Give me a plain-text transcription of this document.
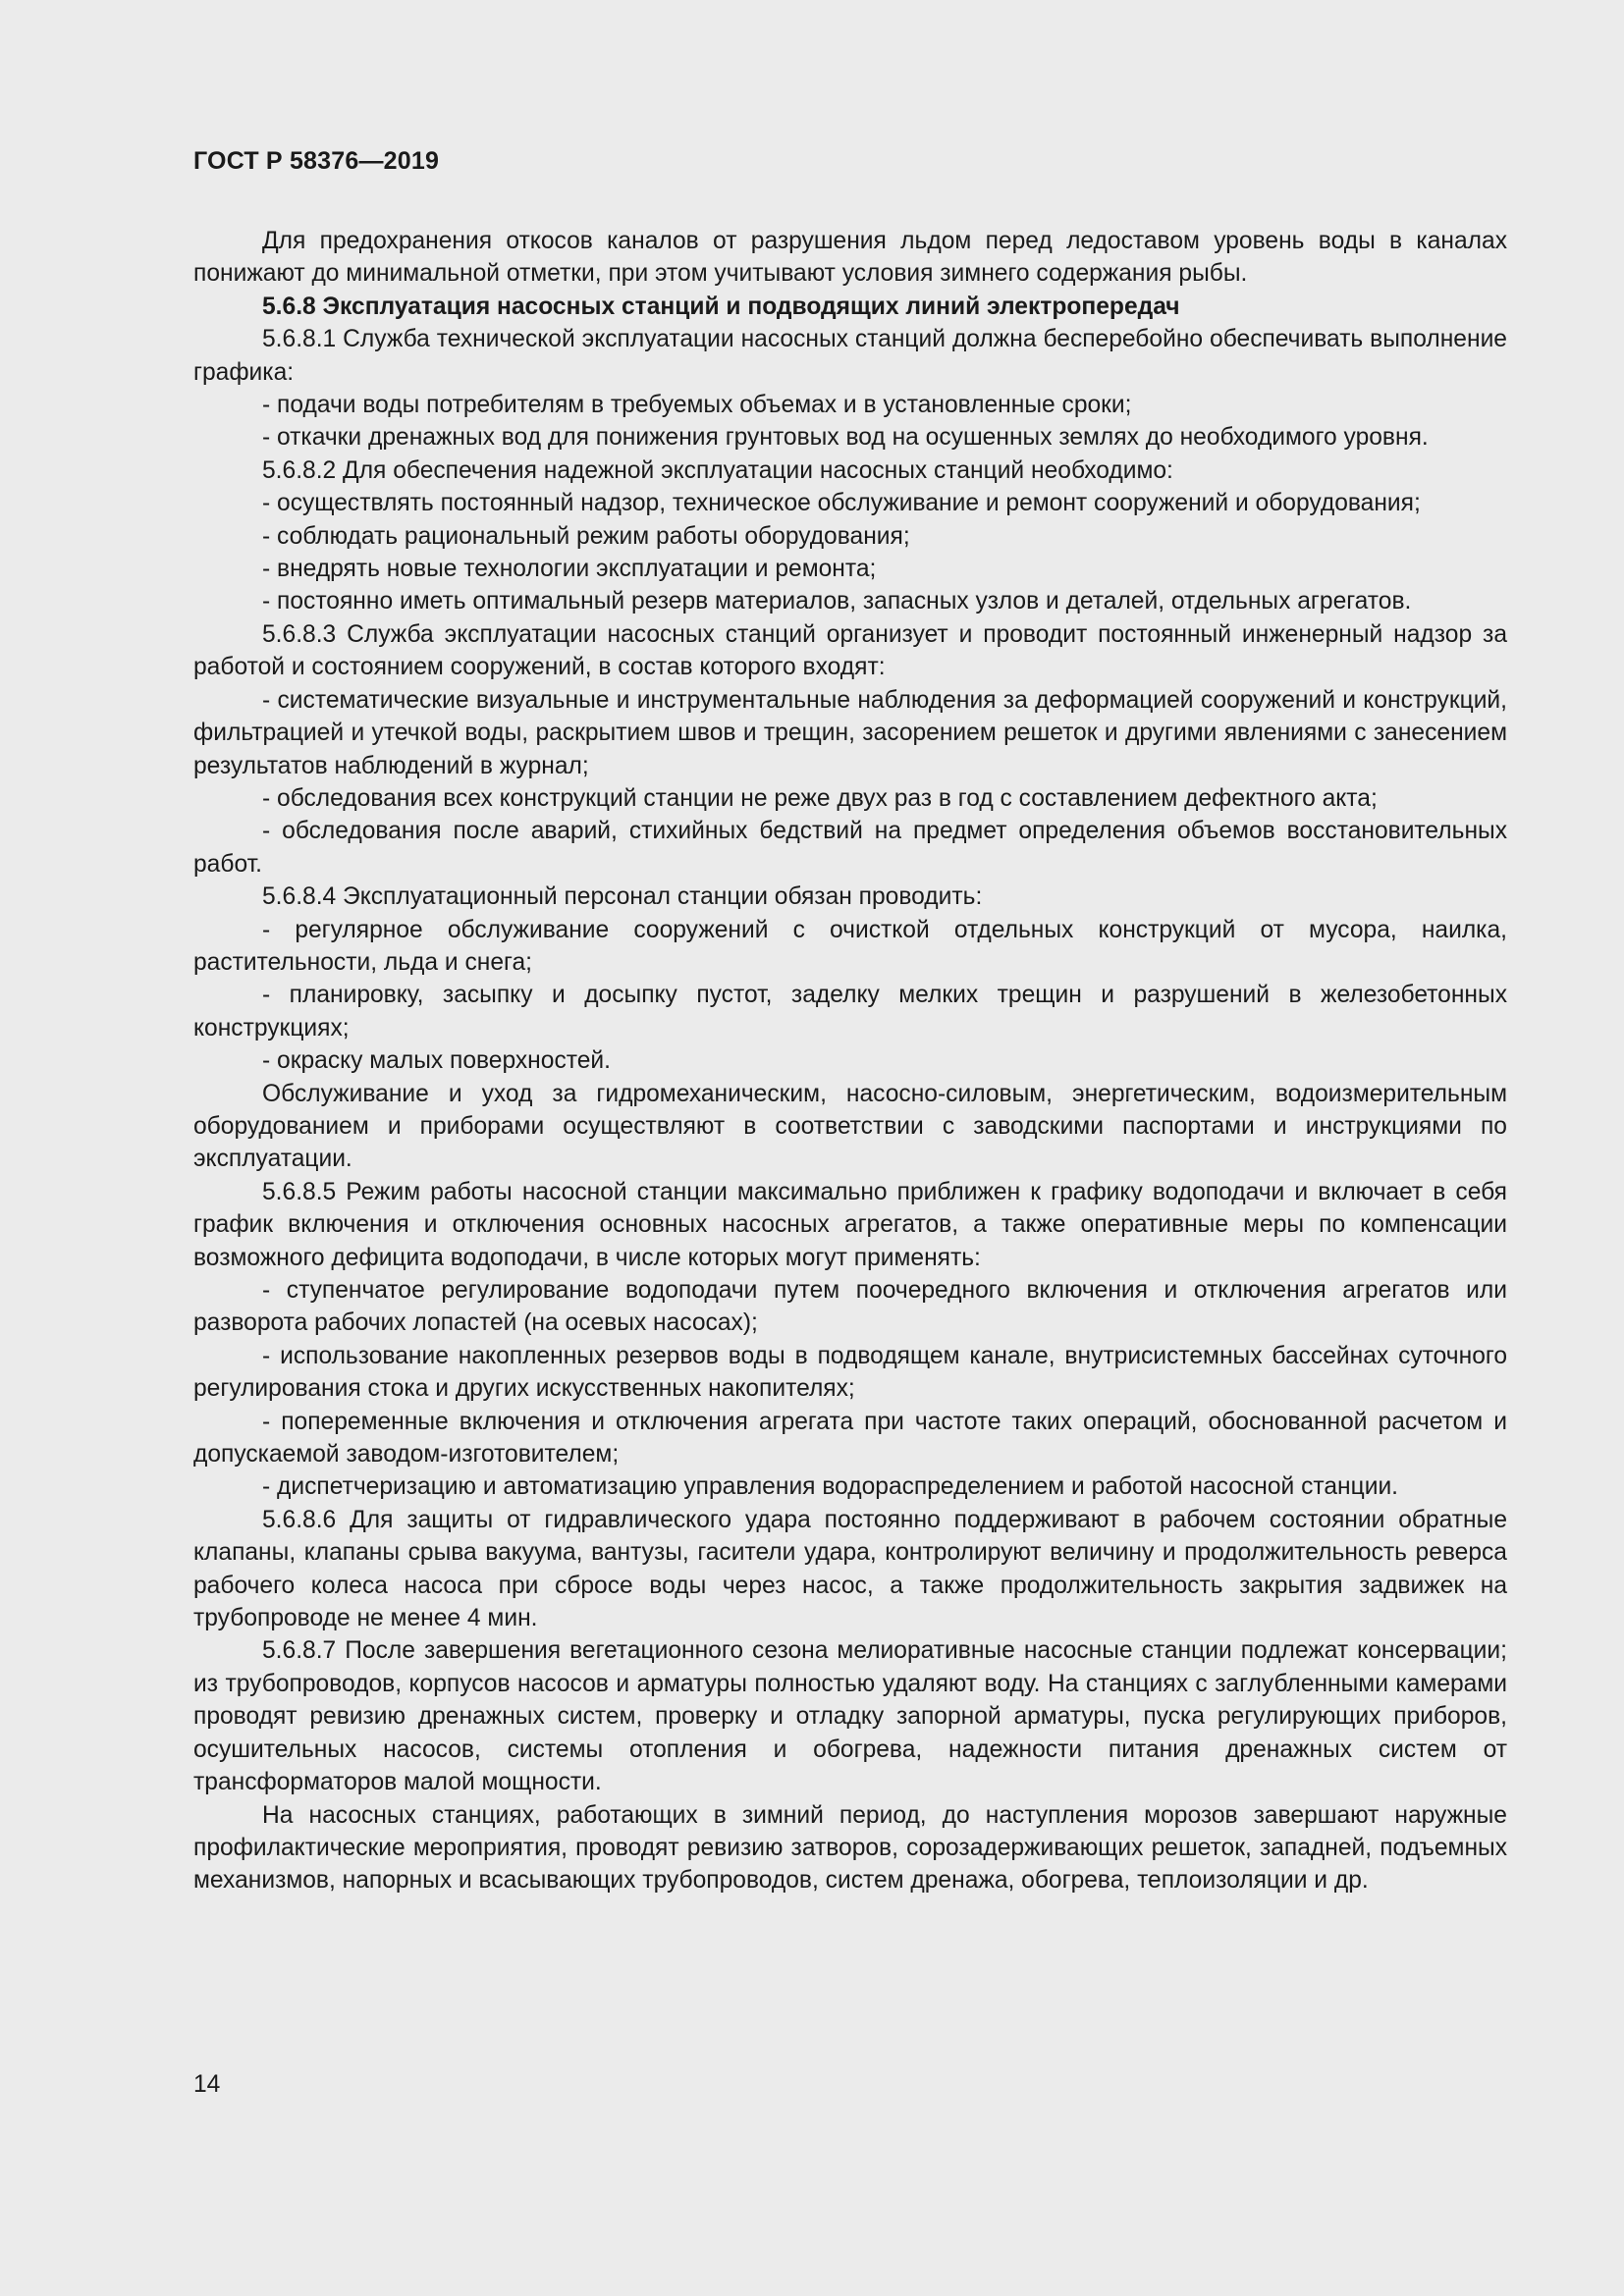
ГОСТ Р 58376—2019

Для предохранения откосов каналов от разрушения льдом перед ледоставом уровень воды в каналах понижают до минимальной отметки, при этом учитывают условия зимнего содержания рыбы.

5.6.8 Эксплуатация насосных станций и подводящих линий электропередач

5.6.8.1 Служба технической эксплуатации насосных станций должна бесперебойно обеспечивать выполнение графика:

- подачи воды потребителям в требуемых объемах и в установленные сроки;

- откачки дренажных вод для понижения грунтовых вод на осушенных землях до необходимого уровня.

5.6.8.2 Для обеспечения надежной эксплуатации насосных станций необходимо:

- осуществлять постоянный надзор, техническое обслуживание и ремонт сооружений и оборудования;

- соблюдать рациональный режим работы оборудования;

- внедрять новые технологии эксплуатации и ремонта;

- постоянно иметь оптимальный резерв материалов, запасных узлов и деталей, отдельных агрегатов.

5.6.8.3 Служба эксплуатации насосных станций организует и проводит постоянный инженерный надзор за работой и состоянием сооружений, в состав которого входят:

- систематические визуальные и инструментальные наблюдения за деформацией сооружений и конструкций, фильтрацией и утечкой воды, раскрытием швов и трещин, засорением решеток и другими явлениями с занесением результатов наблюдений в журнал;

- обследования всех конструкций станции не реже двух раз в год с составлением дефектного акта;

- обследования после аварий, стихийных бедствий на предмет определения объемов восстановительных работ.

5.6.8.4 Эксплуатационный персонал станции обязан проводить:

- регулярное обслуживание сооружений с очисткой отдельных конструкций от мусора, наилка, растительности, льда и снега;

- планировку, засыпку и досыпку пустот, заделку мелких трещин и разрушений в железобетонных конструкциях;

- окраску малых поверхностей.

Обслуживание и уход за гидромеханическим, насосно-силовым, энергетическим, водоизмерительным оборудованием и приборами осуществляют в соответствии с заводскими паспортами и инструкциями по эксплуатации.

5.6.8.5 Режим работы насосной станции максимально приближен к графику водоподачи и включает в себя график включения и отключения основных насосных агрегатов, а также оперативные меры по компенсации возможного дефицита водоподачи, в числе которых могут применять:

- ступенчатое регулирование водоподачи путем поочередного включения и отключения агрегатов или разворота рабочих лопастей (на осевых насосах);

- использование накопленных резервов воды в подводящем канале, внутрисистемных бассейнах суточного регулирования стока и других искусственных накопителях;

- попеременные включения и отключения агрегата при частоте таких операций, обоснованной расчетом и допускаемой заводом-изготовителем;

- диспетчеризацию и автоматизацию управления водораспределением и работой насосной станции.

5.6.8.6 Для защиты от гидравлического удара постоянно поддерживают в рабочем состоянии обратные клапаны, клапаны срыва вакуума, вантузы, гасители удара, контролируют величину и продолжительность реверса рабочего колеса насоса при сбросе воды через насос, а также продолжительность закрытия задвижек на трубопроводе не менее 4 мин.

5.6.8.7 После завершения вегетационного сезона мелиоративные насосные станции подлежат консервации; из трубопроводов, корпусов насосов и арматуры полностью удаляют воду. На станциях с заглубленными камерами проводят ревизию дренажных систем, проверку и отладку запорной арматуры, пуска регулирующих приборов, осушительных насосов, системы отопления и обогрева, надежности питания дренажных систем от трансформаторов малой мощности.

На насосных станциях, работающих в зимний период, до наступления морозов завершают наружные профилактические мероприятия, проводят ревизию затворов, сорозадерживающих решеток, западней, подъемных механизмов, напорных и всасывающих трубопроводов, систем дренажа, обогрева, теплоизоляции и др.

14
